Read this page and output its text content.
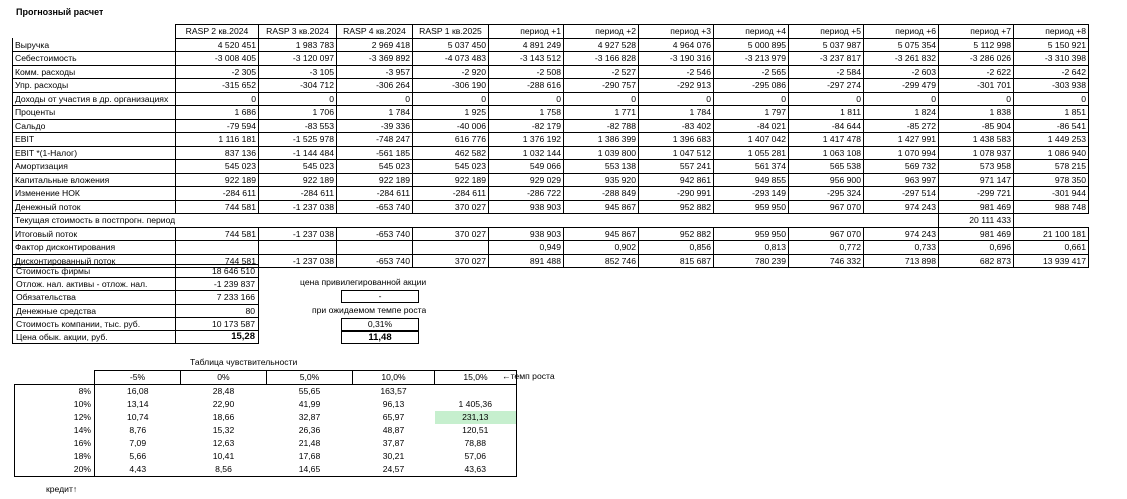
Прогнозный расчет
	RASP 2 кв.2024	RASP 3 кв.2024	RASP 4 кв.2024	RASP 1 кв.2025	период +1	период +2	период +3	период +4	период +5	период +6	период +7	период +8
Выручка	4 520 451	1 983 783	2 969 418	5 037 450	4 891 249	4 927 528	4 964 076	5 000 895	5 037 987	5 075 354	5 112 998	5 150 921
Себестоимость	-3 008 405	-3 120 097	-3 369 892	-4 073 483	-3 143 512	-3 166 828	-3 190 316	-3 213 979	-3 237 817	-3 261 832	-3 286 026	-3 310 398
Комм. расходы	-2 305	-3 105	-3 957	-2 920	-2 508	-2 527	-2 546	-2 565	-2 584	-2 603	-2 622	-2 642
Упр. расходы	-315 652	-304 712	-306 264	-306 190	-288 616	-290 757	-292 913	-295 086	-297 274	-299 479	-301 701	-303 938
Доходы от участия в др. организациях	0	0	0	0	0	0	0	0	0	0	0	0
Проценты	1 686	1 706	1 784	1 925	1 758	1 771	1 784	1 797	1 811	1 824	1 838	1 851
Сальдо	-79 594	-83 553	-39 336	-40 006	-82 179	-82 788	-83 402	-84 021	-84 644	-85 272	-85 904	-86 541
EBIT	1 116 181	-1 525 978	-748 247	616 776	1 376 192	1 386 399	1 396 683	1 407 042	1 417 478	1 427 991	1 438 583	1 449 253
EBIT *(1-Налог)	837 136	-1 144 484	-561 185	462 582	1 032 144	1 039 800	1 047 512	1 055 281	1 063 108	1 070 994	1 078 937	1 086 940
Амортизация	545 023	545 023	545 023	545 023	549 066	553 138	557 241	561 374	565 538	569 732	573 958	578 215
Капитальные вложения	922 189	922 189	922 189	922 189	929 029	935 920	942 861	949 855	956 900	963 997	971 147	978 350
Изменение НОК	-284 611	-284 611	-284 611	-284 611	-286 722	-288 849	-290 991	-293 149	-295 324	-297 514	-299 721	-301 944
Денежный поток	744 581	-1 237 038	-653 740	370 027	938 903	945 867	952 882	959 950	967 070	974 243	981 469	988 748
Текущая стоимость в постпрогн. период											20 111 433	
Итоговый поток	744 581	-1 237 038	-653 740	370 027	938 903	945 867	952 882	959 950	967 070	974 243	981 469	21 100 181
Фактор дисконтирования					0,949	0,902	0,856	0,813	0,772	0,733	0,696	0,661
Дисконтированный поток	744 581	-1 237 038	-653 740	370 027	891 488	852 746	815 687	780 239	746 332	713 898	682 873	13 939 417
Стоимость фирмы	18 646 510
Отлож. нал. активы - отлож. нал.	-1 239 837
Обязательства	7 233 166
Денежные средства	80
Стоимость компании, тыс. руб.	10 173 587
Цена обык. акции, руб.	15,28
цена привилегированной акции
-
при ожидаемом темпе роста
0,31%
11,48
Таблица чувствительности
	-5%	0%	5,0%	10,0%	15,0%
8%	16,08	28,48	55,65	163,57	
10%	13,14	22,90	41,99	96,13	1 405,36
12%	10,74	18,66	32,87	65,97	231,13
14%	8,76	15,32	26,36	48,87	120,51
16%	7,09	12,63	21,48	37,87	78,88
18%	5,66	10,41	17,68	30,21	57,06
20%	4,43	8,56	14,65	24,57	43,63
←темп роста
кредит↑
